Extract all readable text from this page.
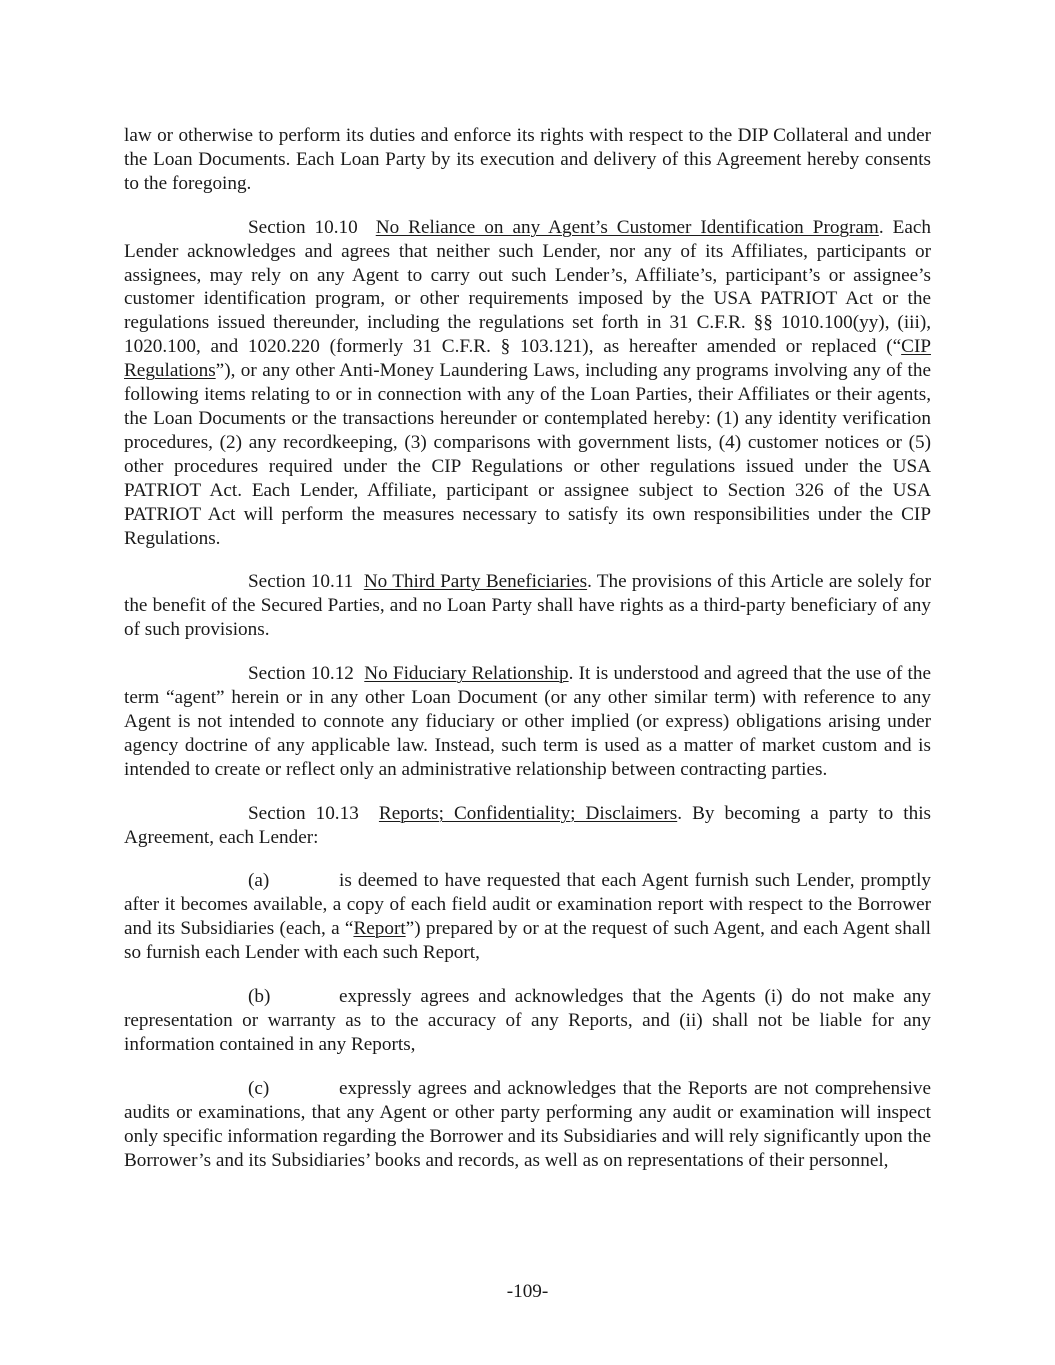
law or otherwise to perform its duties and enforce its rights with respect to the DIP Collateral and under the Loan Documents. Each Loan Party by its execution and delivery of this Agreement hereby consents to the foregoing.

Section 10.10 No Reliance on any Agent’s Customer Identification Program. Each Lender acknowledges and agrees that neither such Lender, nor any of its Affiliates, participants or assignees, may rely on any Agent to carry out such Lender’s, Affiliate’s, participant’s or assignee’s customer identification program, or other requirements imposed by the USA PATRIOT Act or the regulations issued thereunder, including the regulations set forth in 31 C.F.R. §§ 1010.100(yy), (iii), 1020.100, and 1020.220 (formerly 31 C.F.R. § 103.121), as hereafter amended or replaced (“CIP Regulations”), or any other Anti-Money Laundering Laws, including any programs involving any of the following items relating to or in connection with any of the Loan Parties, their Affiliates or their agents, the Loan Documents or the transactions hereunder or contemplated hereby: (1) any identity verification procedures, (2) any recordkeeping, (3) comparisons with government lists, (4) customer notices or (5) other procedures required under the CIP Regulations or other regulations issued under the USA PATRIOT Act. Each Lender, Affiliate, participant or assignee subject to Section 326 of the USA PATRIOT Act will perform the measures necessary to satisfy its own responsibilities under the CIP Regulations.

Section 10.11 No Third Party Beneficiaries. The provisions of this Article are solely for the benefit of the Secured Parties, and no Loan Party shall have rights as a third-party beneficiary of any of such provisions.

Section 10.12 No Fiduciary Relationship. It is understood and agreed that the use of the term “agent” herein or in any other Loan Document (or any other similar term) with reference to any Agent is not intended to connote any fiduciary or other implied (or express) obligations arising under agency doctrine of any applicable law. Instead, such term is used as a matter of market custom and is intended to create or reflect only an administrative relationship between contracting parties.

Section 10.13 Reports; Confidentiality; Disclaimers. By becoming a party to this Agreement, each Lender:

(a)	is deemed to have requested that each Agent furnish such Lender, promptly after it becomes available, a copy of each field audit or examination report with respect to the Borrower and its Subsidiaries (each, a “Report”) prepared by or at the request of such Agent, and each Agent shall so furnish each Lender with each such Report,

(b)	expressly agrees and acknowledges that the Agents (i) do not make any representation or warranty as to the accuracy of any Reports, and (ii) shall not be liable for any information contained in any Reports,

(c)	expressly agrees and acknowledges that the Reports are not comprehensive audits or examinations, that any Agent or other party performing any audit or examination will inspect only specific information regarding the Borrower and its Subsidiaries and will rely significantly upon the Borrower’s and its Subsidiaries’ books and records, as well as on representations of their personnel,

-109-
